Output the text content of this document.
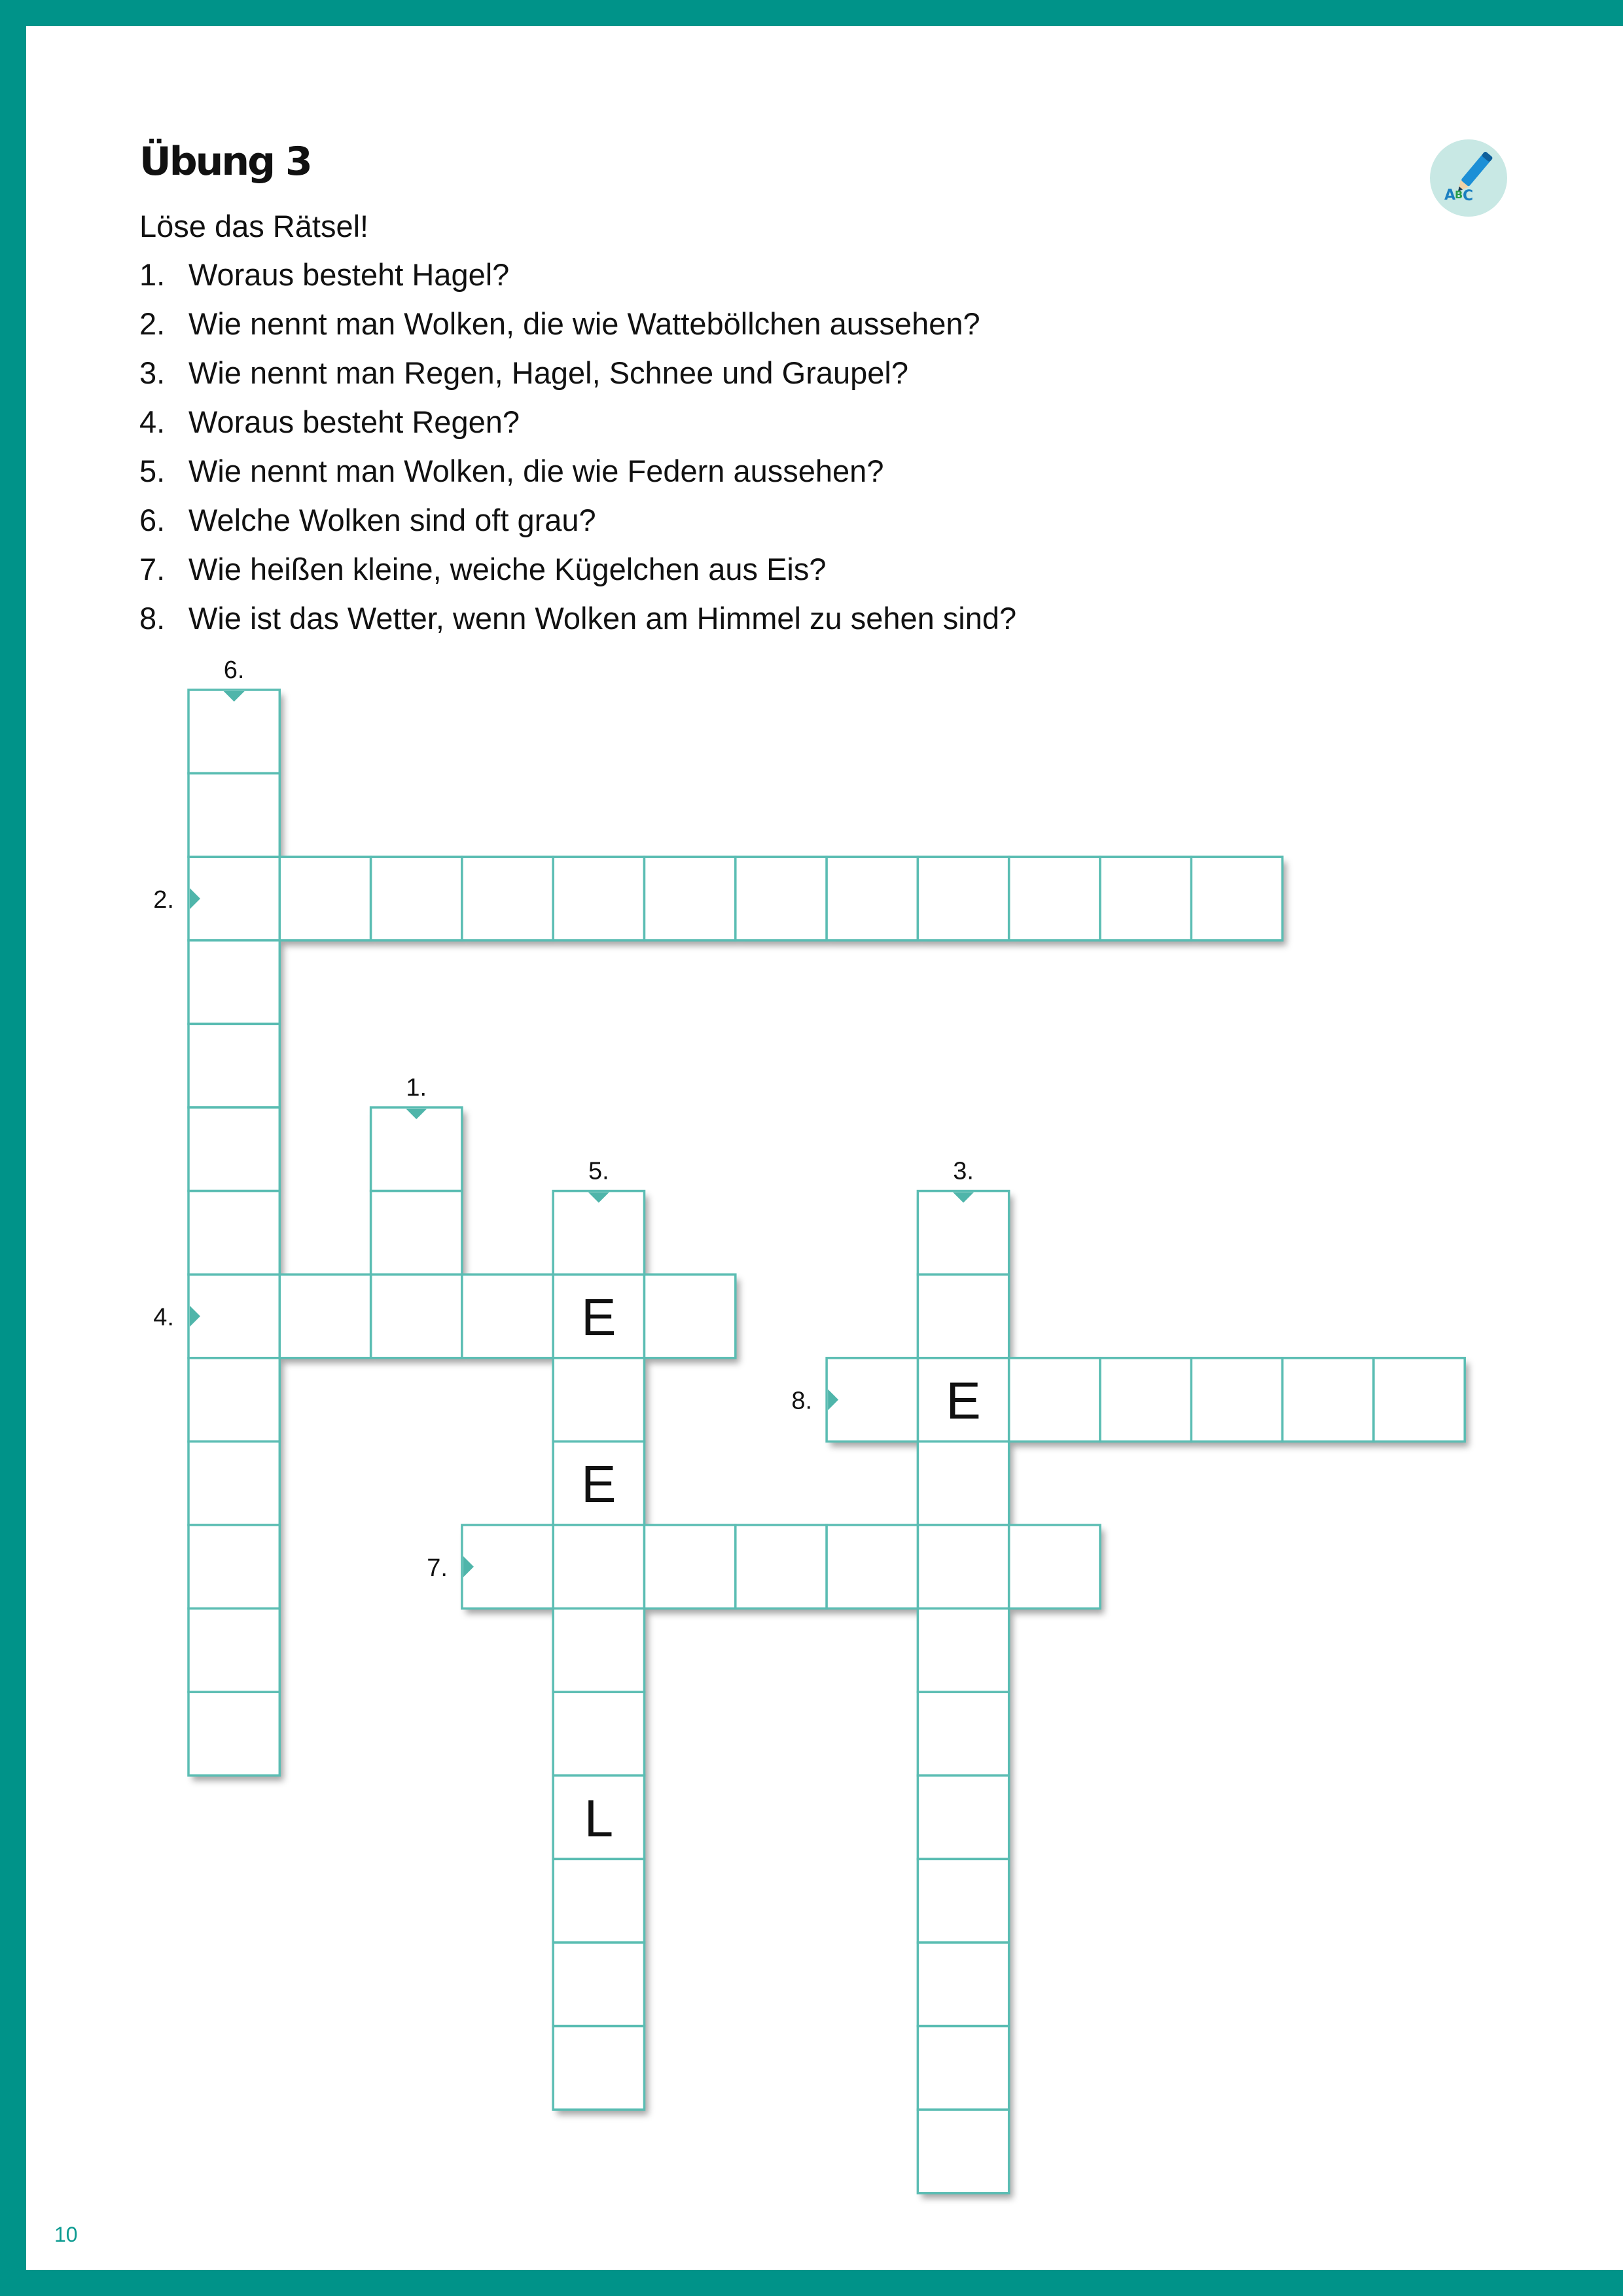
Übung 3

Löse das Rätsel!

1. Woraus besteht Hagel?
2. Wie nennt man Wolken, die wie Watteböllchen aussehen?
3. Wie nennt man Regen, Hagel, Schnee und Graupel?
4. Woraus besteht Regen?
5. Wie nennt man Wolken, die wie Federn aussehen?
6. Welche Wolken sind oft grau?
7. Wie heißen kleine, weiche Kügelchen aus Eis?
8. Wie ist das Wetter, wenn Wolken am Himmel zu sehen sind?
A
B C
1.
2.
3.
4.
5.
6.
7.
8.
E
E
E
L
10
